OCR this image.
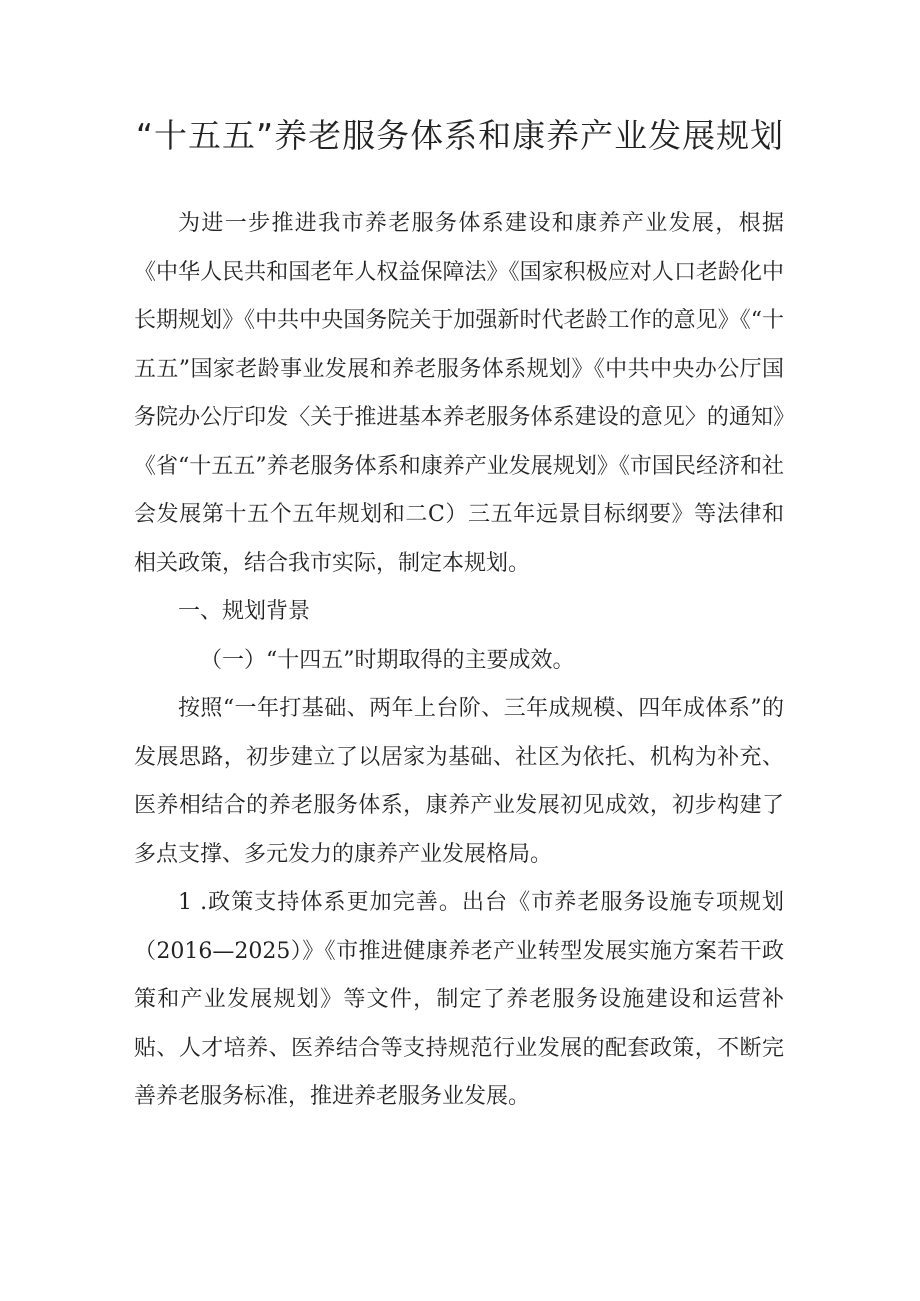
“十五五”养老服务体系和康养产业发展规划

为进一步推进我市养老服务体系建设和康养产业发展，根据《中华人民共和国老年人权益保障法》《国家积极应对人口老龄化中长期规划》《中共中央国务院关于加强新时代老龄工作的意见》《“十五五”国家老龄事业发展和养老服务体系规划》《中共中央办公厅国务院办公厅印发〈关于推进基本养老服务体系建设的意见〉的通知》《省“十五五”养老服务体系和康养产业发展规划》《市国民经济和社会发展第十五个五年规划和二C）三五年远景目标纲要》等法律和相关政策，结合我市实际，制定本规划。

一、规划背景

（一）“十四五”时期取得的主要成效。

按照“一年打基础、两年上台阶、三年成规模、四年成体系”的发展思路，初步建立了以居家为基础、社区为依托、机构为补充、医养相结合的养老服务体系，康养产业发展初见成效，初步构建了多点支撑、多元发力的康养产业发展格局。

1 .政策支持体系更加完善。出台《市养老服务设施专项规划（2016—2025）》《市推进健康养老产业转型发展实施方案若干政策和产业发展规划》等文件，制定了养老服务设施建设和运营补贴、人才培养、医养结合等支持规范行业发展的配套政策，不断完善养老服务标准，推进养老服务业发展。
